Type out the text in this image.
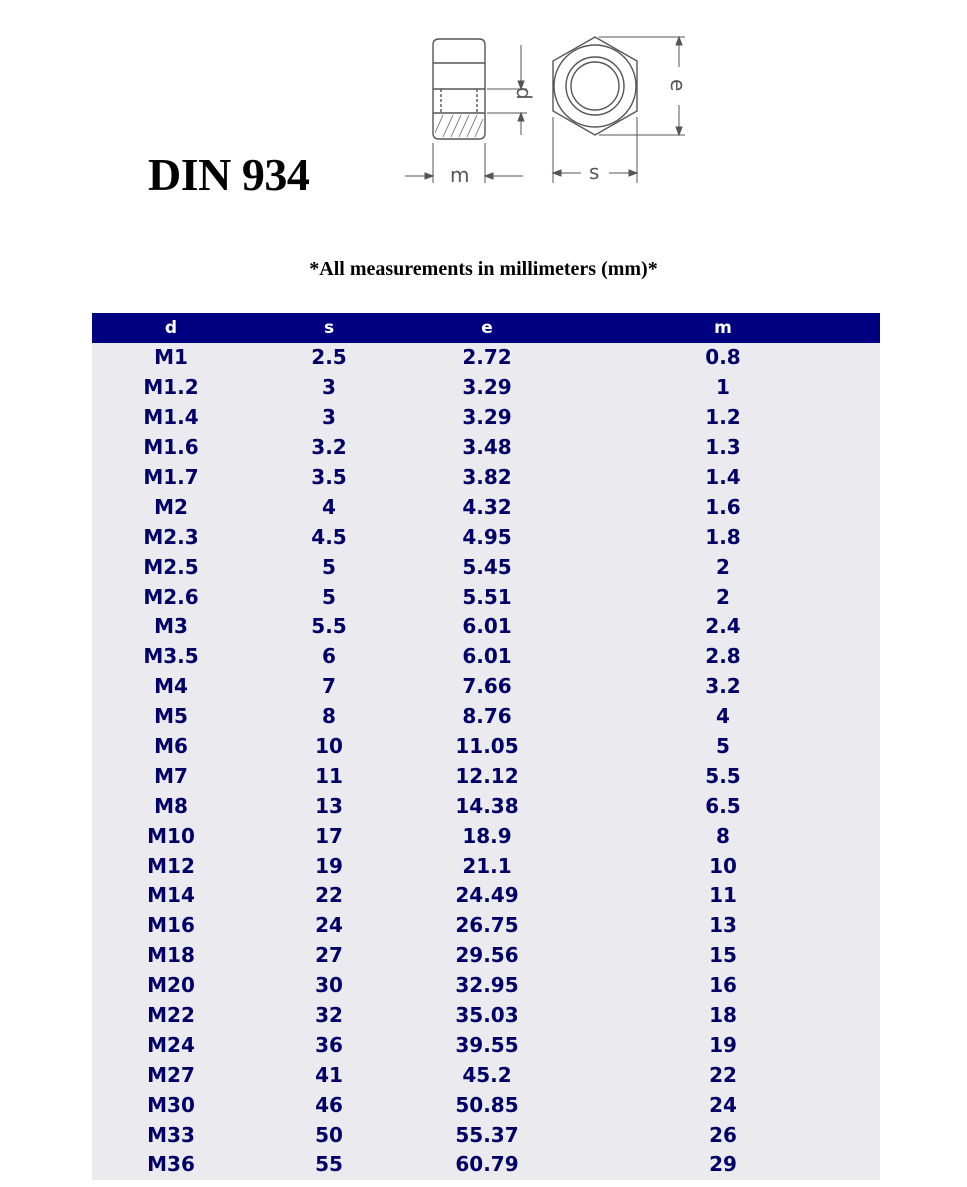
DIN 934
d
m
e
s
*All measurements in millimeters (mm)*
d	s	e	m
M1	2.5	2.72	0.8
M1.2	3	3.29	1
M1.4	3	3.29	1.2
M1.6	3.2	3.48	1.3
M1.7	3.5	3.82	1.4
M2	4	4.32	1.6
M2.3	4.5	4.95	1.8
M2.5	5	5.45	2
M2.6	5	5.51	2
M3	5.5	6.01	2.4
M3.5	6	6.01	2.8
M4	7	7.66	3.2
M5	8	8.76	4
M6	10	11.05	5
M7	11	12.12	5.5
M8	13	14.38	6.5
M10	17	18.9	8
M12	19	21.1	10
M14	22	24.49	11
M16	24	26.75	13
M18	27	29.56	15
M20	30	32.95	16
M22	32	35.03	18
M24	36	39.55	19
M27	41	45.2	22
M30	46	50.85	24
M33	50	55.37	26
M36	55	60.79	29
